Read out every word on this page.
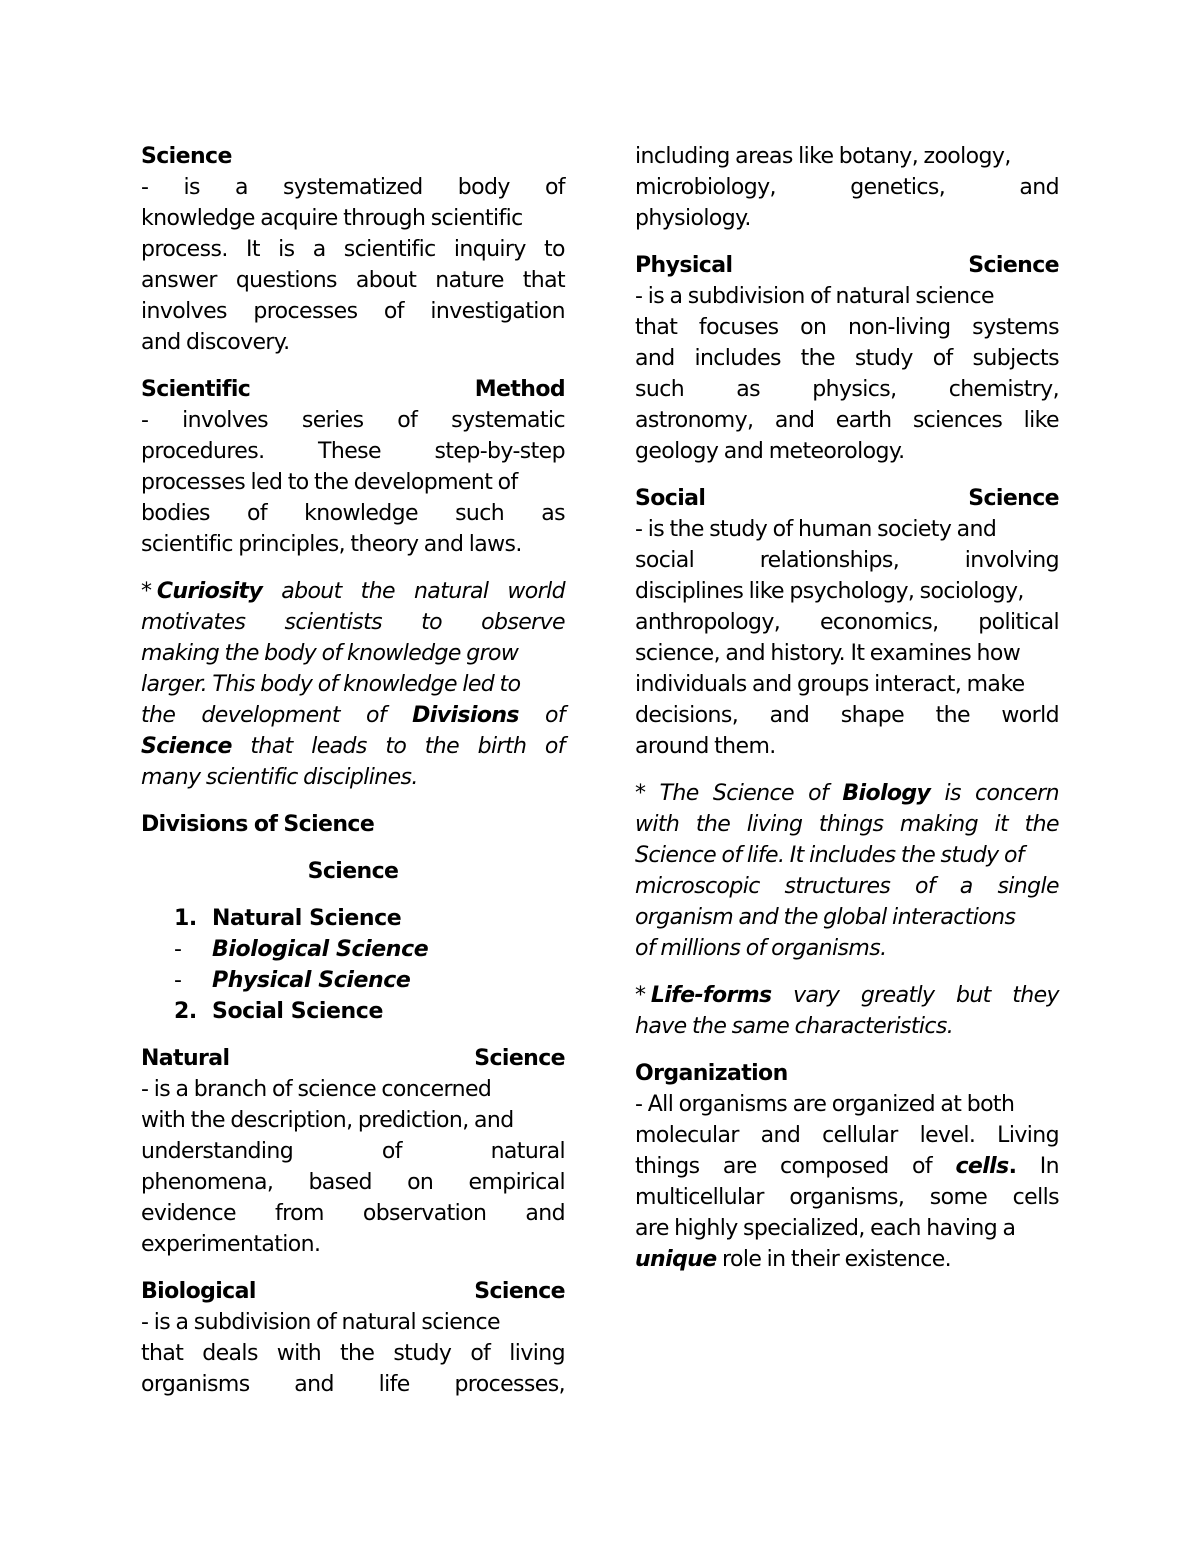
Science
- is a systematized body of
knowledge acquire through scientific
process. It is a scientific inquiry to
answer questions about nature that
involves processes of investigation
and discovery.
Scientific	Method
- involves series of systematic
procedures. These step-by-step
processes led to the development of
bodies of knowledge such as
scientific principles, theory and laws.
* Curiosity about the natural world
motivates scientists to observe
making the body of knowledge grow
larger. This body of knowledge led to
the development of Divisions of
Science that leads to the birth of
many scientific disciplines.
Divisions of Science
Science
1. Natural Science
-	Biological Science
-	Physical Science
2. Social Science
Natural	Science
- is a branch of science concerned
with the description, prediction, and
understanding	of	natural
phenomena, based on empirical
evidence from observation and
experimentation.
Biological	Science
- is a subdivision of natural science
that deals with the study of living
organisms and life processes,
including areas like botany, zoology,
microbiology,	genetics,	and
physiology.
Physical	Science
- is a subdivision of natural science
that focuses on non-living systems
and includes the study of subjects
such as physics, chemistry,
astronomy, and earth sciences like
geology and meteorology.
Social	Science
- is the study of human society and
social	relationships,	involving
disciplines like psychology, sociology,
anthropology, economics, political
science, and history. It examines how
individuals and groups interact, make
decisions, and shape the world
around them.
* The Science of Biology is concern
with the living things making it the
Science of life. It includes the study of
microscopic structures of a single
organism and the global interactions
of millions of organisms.
* Life-forms vary greatly but they
have the same characteristics.
Organization
- All organisms are organized at both
molecular and cellular level. Living
things are composed of cells. In
multicellular organisms, some cells
are highly specialized, each having a
unique role in their existence.
